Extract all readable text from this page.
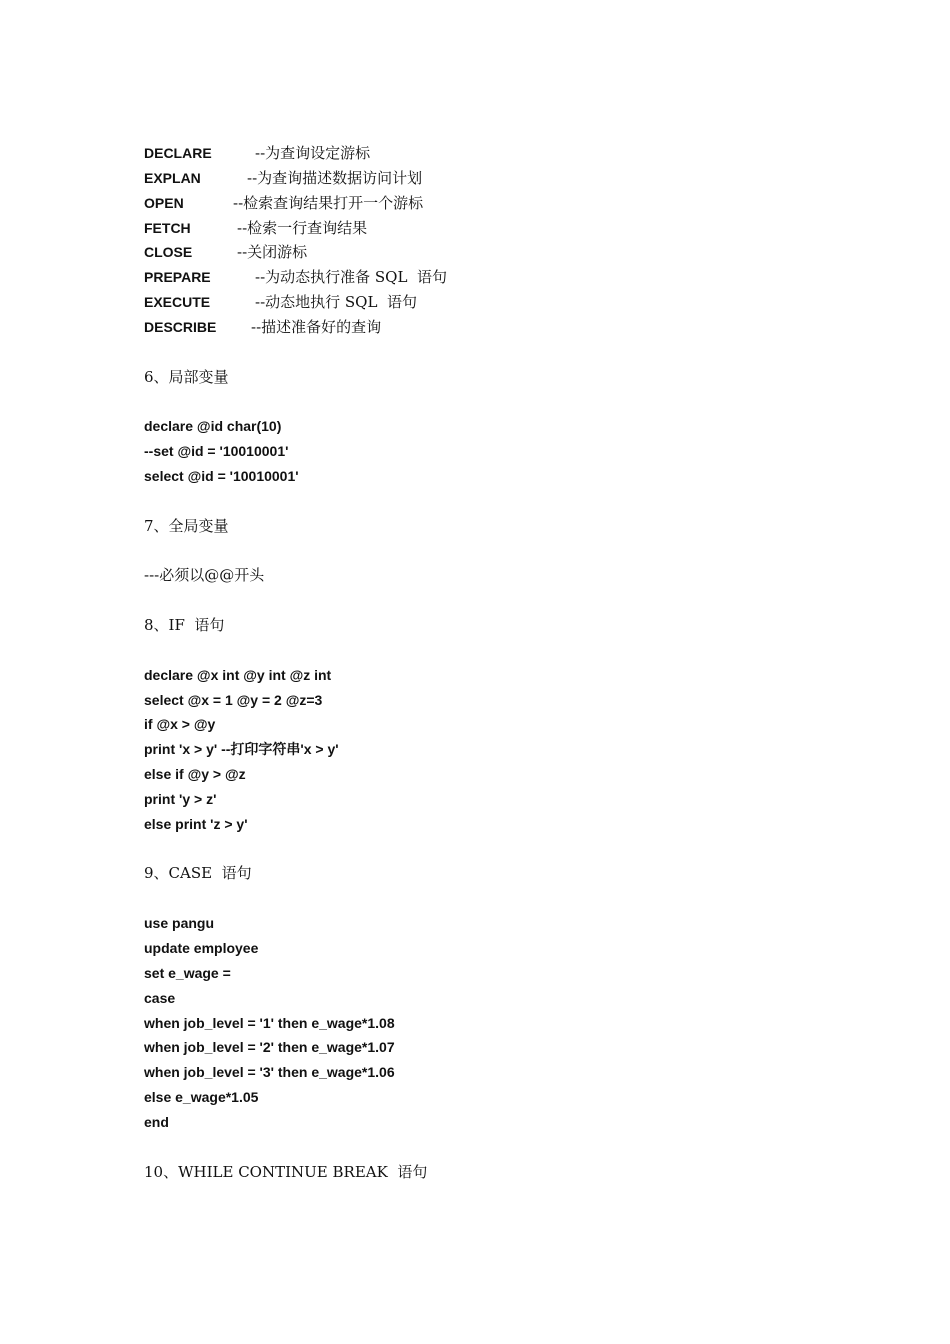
DECLARE	--为查询设定游标
EXPLAN	--为查询描述数据访问计划
OPEN	--检索查询结果打开一个游标
FETCH	--检索一行查询结果
CLOSE	--关闭游标
PREPARE	--为动态执行准备 SQL  语句
EXECUTE	--动态地执行 SQL  语句
DESCRIBE	--描述准备好的查询
6、局部变量
declare @id char(10)
--set @id = '10010001'
select @id = '10010001'
7、全局变量
---必须以@@开头
8、IF  语句
declare @x int @y int @z int
select @x = 1 @y = 2 @z=3
if @x > @y
print 'x > y' --打印字符串'x > y'
else if @y > @z
print 'y > z'
else print 'z > y'
9、CASE  语句
use pangu
update employee
set e_wage =
case
when job_level = '1' then e_wage*1.08
when job_level = '2' then e_wage*1.07
when job_level = '3' then e_wage*1.06
else e_wage*1.05
end
10、WHILE CONTINUE BREAK  语句
